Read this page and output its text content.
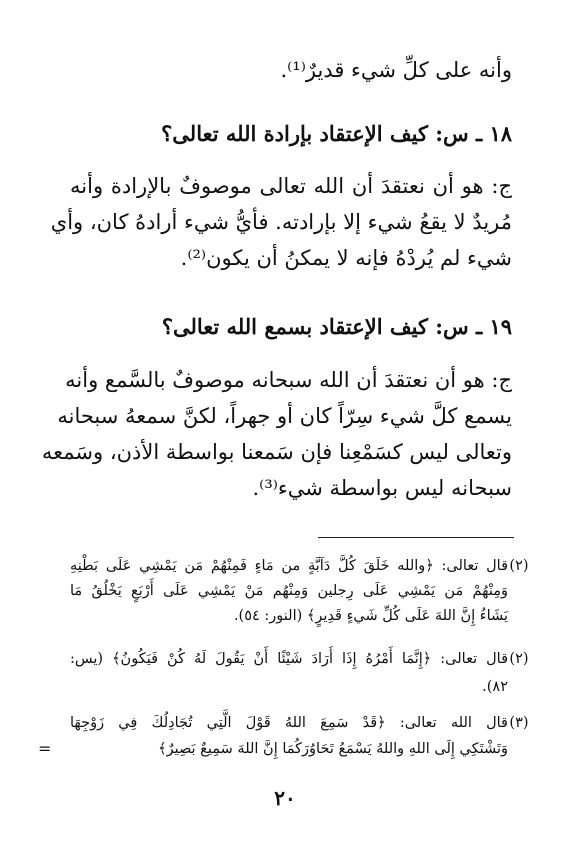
وأنه على كلِّ شيء قديرٌ⁽¹⁾.
١٨ ـ س: كيف الإعتقاد بإرادة الله تعالى؟
ج: هو أن نعتقدَ أن الله تعالى موصوفٌ بالإرادة وأنه
مُريدٌ لا يقعُ شيء إلا بإرادته. فأيُّ شيء أرادهُ كان، وأي
شيء لم يُردْهُ فإنه لا يمكنُ أن يكون⁽²⁾.
١٩ ـ س: كيف الإعتقاد بسمع الله تعالى؟
ج: هو أن نعتقدَ أن الله سبحانه موصوفٌ بالسَّمع وأنه
يسمع كلَّ شيء سِرّاً كان أو جهراً، لكنَّ سمعهُ سبحانه
وتعالى ليس كسَمْعِنا فإن سَمعنا بواسطة الأذن، وسَمعه
سبحانه ليس بواسطة شيء⁽³⁾.
(٢)
قال تعالى: ﴿والله خَلَقَ كُلَّ دَآبَّةٍ من مَاءٍ فَمِنْهُمْ مَن يَمْشِي عَلَى بَطْنِهِ
وَمِنْهُمْ مَن يَمْشِي عَلَى رِجلين وَمِنْهُم مَنْ يَمْشِي عَلَى أَرْبَعٍ يَخْلُقُ مَا
يَشَاءُ إِنَّ اللهَ عَلَى كُلِّ شَيءٍ قَدِيرٍ﴾ (النور: ٥٤).
(٢)
قال تعالى: ﴿إِنَّمَا أَمْرُهُ إِذَا أَرَادَ شَيْئًا أَنْ يَقُولَ لَهُ كُنْ فَيَكُونُ﴾ (يس:
٨٢).
(٣)
قال الله تعالى: ﴿قَدْ سَمِعَ اللهُ قَوْلَ الَّتِي تُجَادِلُكَ فِي زَوْجِهَا
وَتَشْتَكِي إِلَى اللهِ واللهُ يَسْمَعُ تَحَاوُرَكُمَا إِنَّ اللهَ سَمِيعٌ بَصِيرٌ﴾
=
٢٠
